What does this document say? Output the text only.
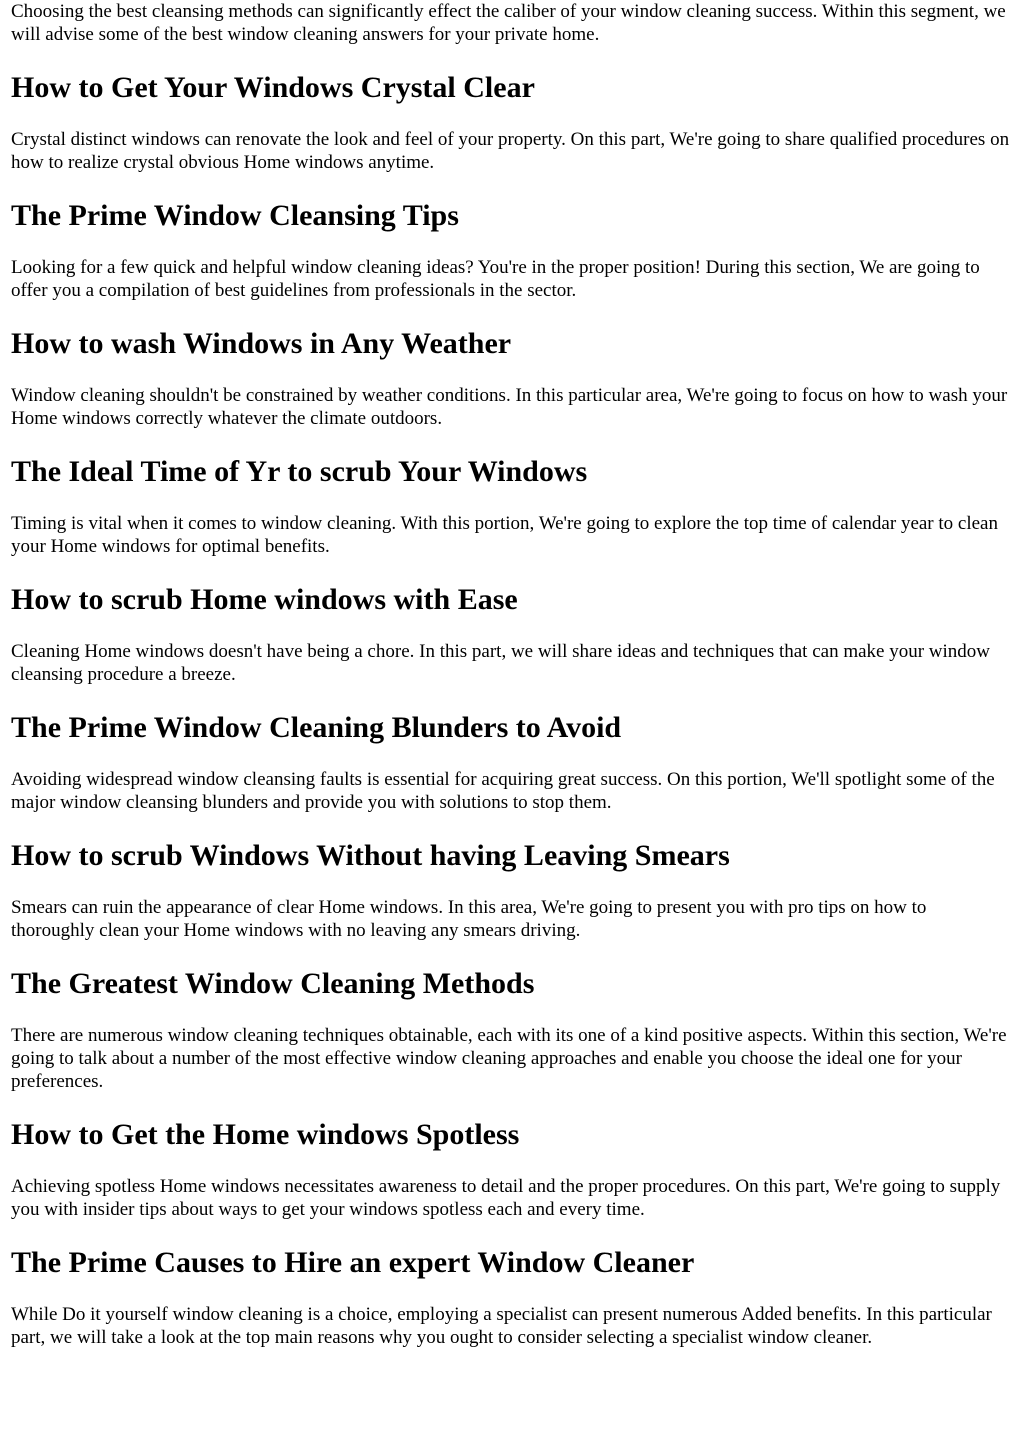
Choosing the best cleansing methods can significantly effect the caliber of your window cleaning success. Within this segment, we will advise some of the best window cleaning answers for your private home.

How to Get Your Windows Crystal Clear

Crystal distinct windows can renovate the look and feel of your property. On this part, We're going to share qualified procedures on how to realize crystal obvious Home windows anytime.

The Prime Window Cleansing Tips

Looking for a few quick and helpful window cleaning ideas? You're in the proper position! During this section, We are going to offer you a compilation of best guidelines from professionals in the sector.

How to wash Windows in Any Weather

Window cleaning shouldn't be constrained by weather conditions. In this particular area, We're going to focus on how to wash your Home windows correctly whatever the climate outdoors.

The Ideal Time of Yr to scrub Your Windows

Timing is vital when it comes to window cleaning. With this portion, We're going to explore the top time of calendar year to clean your Home windows for optimal benefits.

How to scrub Home windows with Ease

Cleaning Home windows doesn't have being a chore. In this part, we will share ideas and techniques that can make your window cleansing procedure a breeze.

The Prime Window Cleaning Blunders to Avoid

Avoiding widespread window cleansing faults is essential for acquiring great success. On this portion, We'll spotlight some of the major window cleansing blunders and provide you with solutions to stop them.

How to scrub Windows Without having Leaving Smears

Smears can ruin the appearance of clear Home windows. In this area, We're going to present you with pro tips on how to thoroughly clean your Home windows with no leaving any smears driving.

The Greatest Window Cleaning Methods

There are numerous window cleaning techniques obtainable, each with its one of a kind positive aspects. Within this section, We're going to talk about a number of the most effective window cleaning approaches and enable you choose the ideal one for your preferences.

How to Get the Home windows Spotless

Achieving spotless Home windows necessitates awareness to detail and the proper procedures. On this part, We're going to supply you with insider tips about ways to get your windows spotless each and every time.

The Prime Causes to Hire an expert Window Cleaner

While Do it yourself window cleaning is a choice, employing a specialist can present numerous Added benefits. In this particular part, we will take a look at the top main reasons why you ought to consider selecting a specialist window cleaner.
